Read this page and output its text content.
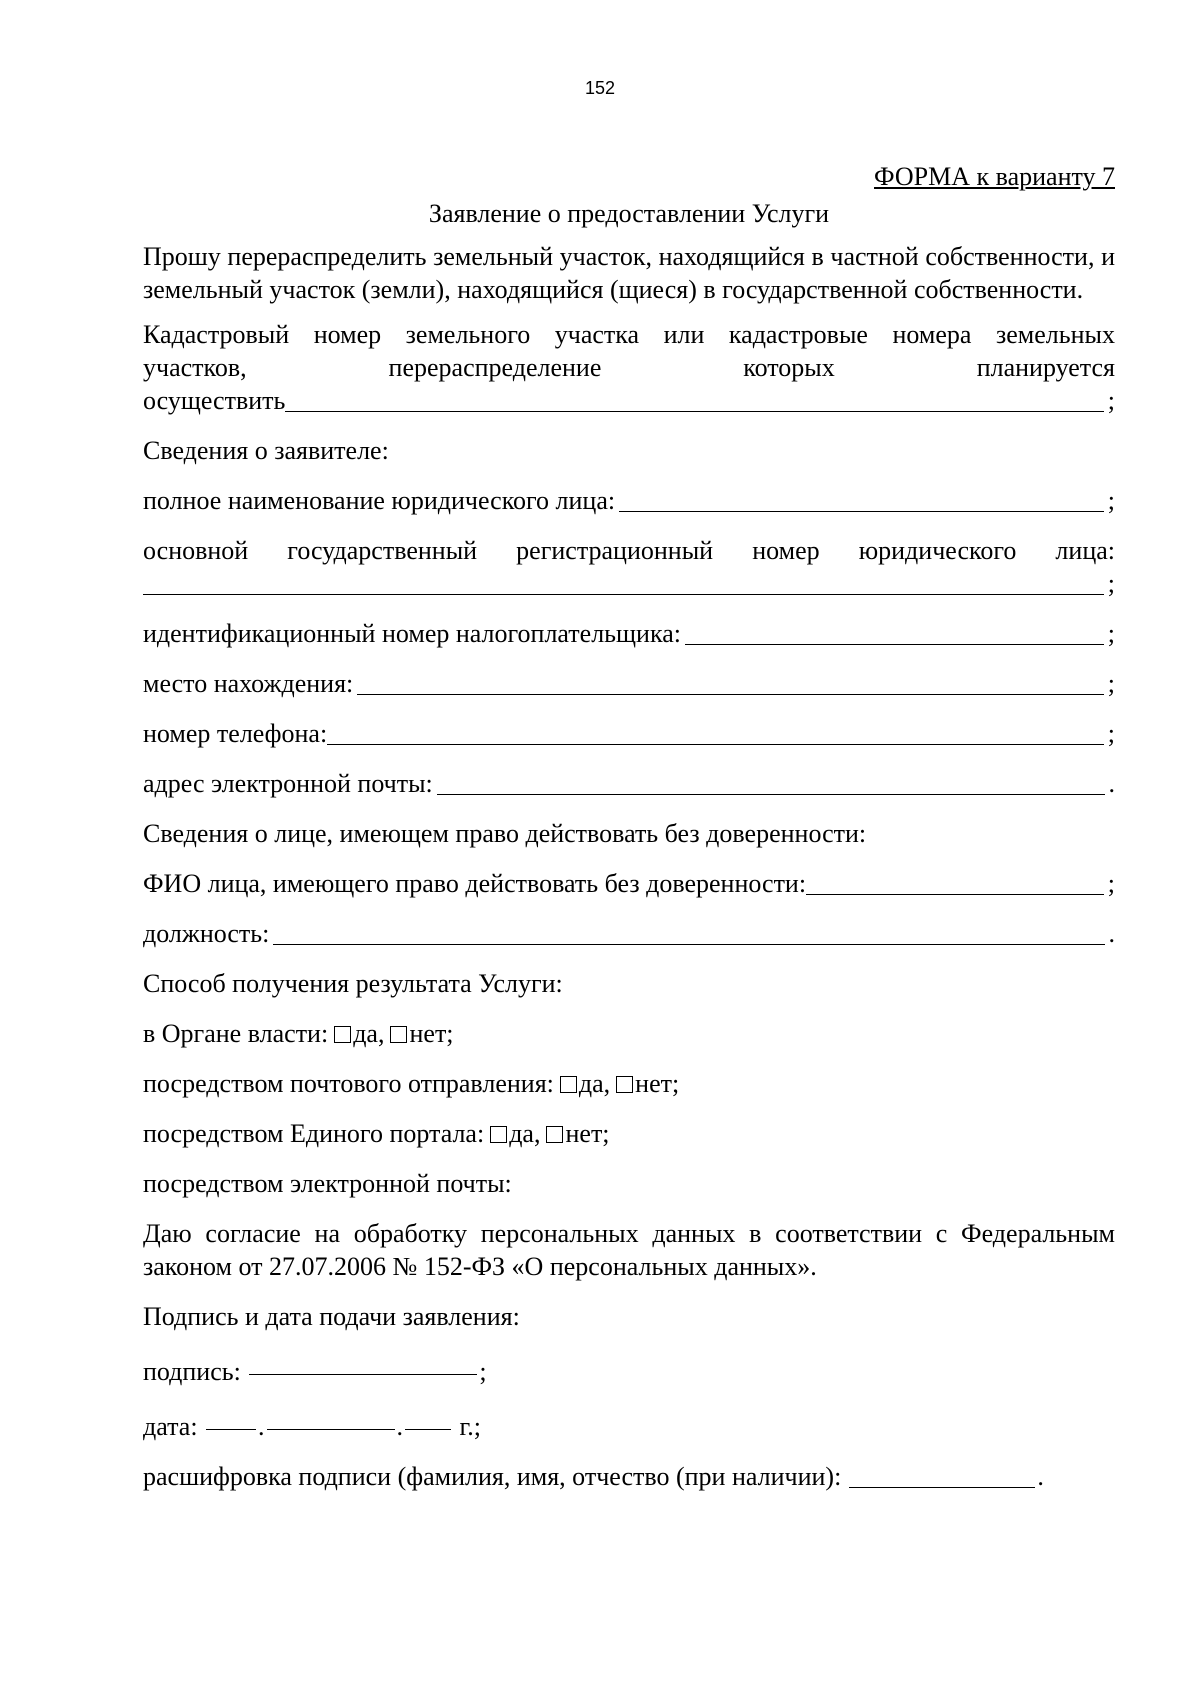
152

ФОРМА к варианту 7

Заявление о предоставлении Услуги

Прошу перераспределить земельный участок, находящийся в частной собственности, и земельный участок (земли), находящийся (щиеся) в государственной собственности.

Кадастровый номер земельного участка или кадастровые номера земельных

участков, перераспределение которых планируется

осуществить	;

Сведения о заявителе:

полное наименование юридического лица:	;

основной государственный регистрационный номер юридического лица:

;
идентификационный номер налогоплательщика:	;
место нахождения:	;
номер телефона:	;
адрес электронной почты:	.

Сведения о лице, имеющем право действовать без доверенности:

ФИО лица, имеющего право действовать без доверенности:	;
должность:	.

Способ получения результата Услуги:

в Органе власти: да, нет;

посредством почтового отправления: да, нет;

посредством Единого портала: да, нет;

посредством электронной почты:

Даю согласие на обработку персональных данных в соответствии с Федеральным законом от 27.07.2006 № 152-ФЗ «О персональных данных».

Подпись и дата подачи заявления:

подпись:	;

дата: .	. г.;

расшифровка подписи (фамилия, имя, отчество (при наличии):	.
